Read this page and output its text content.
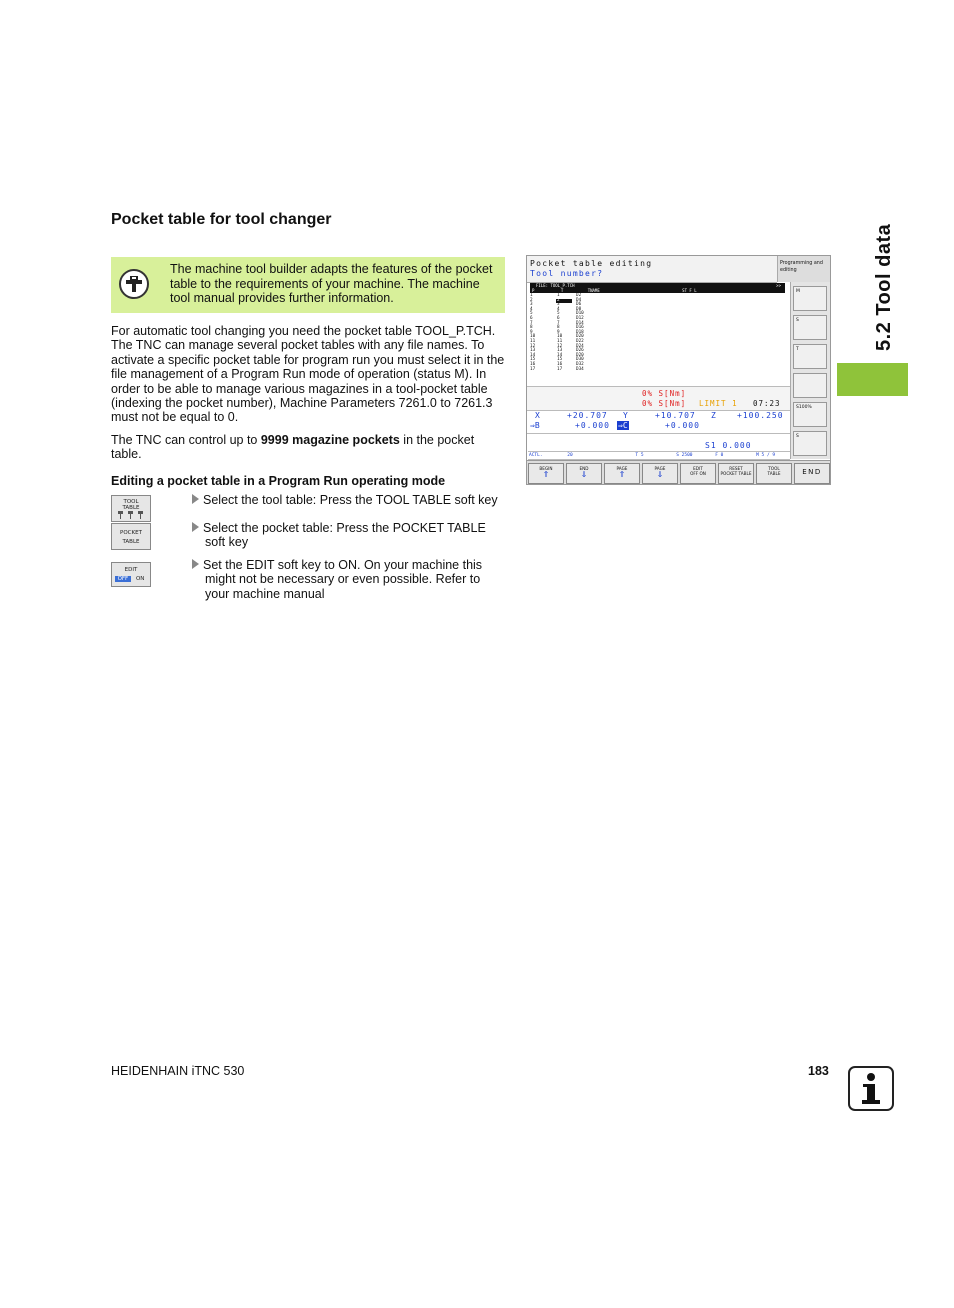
Pocket table for tool changer
The machine tool builder adapts the features of the pocket table to the requirements of your machine. The machine tool manual provides further information.
For automatic tool changing you need the pocket table TOOL_P.TCH. The TNC can manage several pocket tables with any file names. To activate a specific pocket table for program run you must select it in the file management of a Program Run mode of operation (status M). In order to be able to manage various magazines in a tool-pocket table (indexing the pocket number), Machine Parameters 7261.0 to 7261.3 must not be equal to 0.
The TNC can control up to 9999 magazine pockets in the pocket table.
Editing a pocket table in a Program Run operating mode
TOOL
TABLE
POCKET
TABLE
EDIT
OFF ON
Select the tool table: Press the TOOL TABLE soft key
Select the pocket table: Press the POCKET TABLE
soft key
Set the EDIT soft key to ON. On your machine this
might not be necessary or even possible. Refer to
your machine manual
Pocket table editing
Tool number?
Programming and editing
FILE: TOOL_P.TCH	>>
P	T	TNAME	ST F L
1	1	D2
2	2	D4
3	3	D6
4	4	D8
5	5	D10
6	6	D12
7	7	D14
8	8	D16
9	9	D18
10	10	D20
11	11	D22
12	12	D24
13	13	D26
14	14	D20
15	15	D30
16	16	D32
17	17	D34
0% S[Nm]
0% S[Nm] LIMIT 1 07:23
X	+20.707 Y	+10.707 Z	+100.250
⇒B	+0.000 ⇒C	+0.000
S1 0.000
ACTL.	20	T 5	S 2500	F 0	M 5 / 9
BEGIN
⇑
END
⇓
PAGE
⇑
PAGE
⇓
EDIT
OFF ON
RESET
POCKET TABLE
TOOL
TABLE	END
M
S
T
S100%
S
5.2 Tool data
HEIDENHAIN iTNC 530	183
